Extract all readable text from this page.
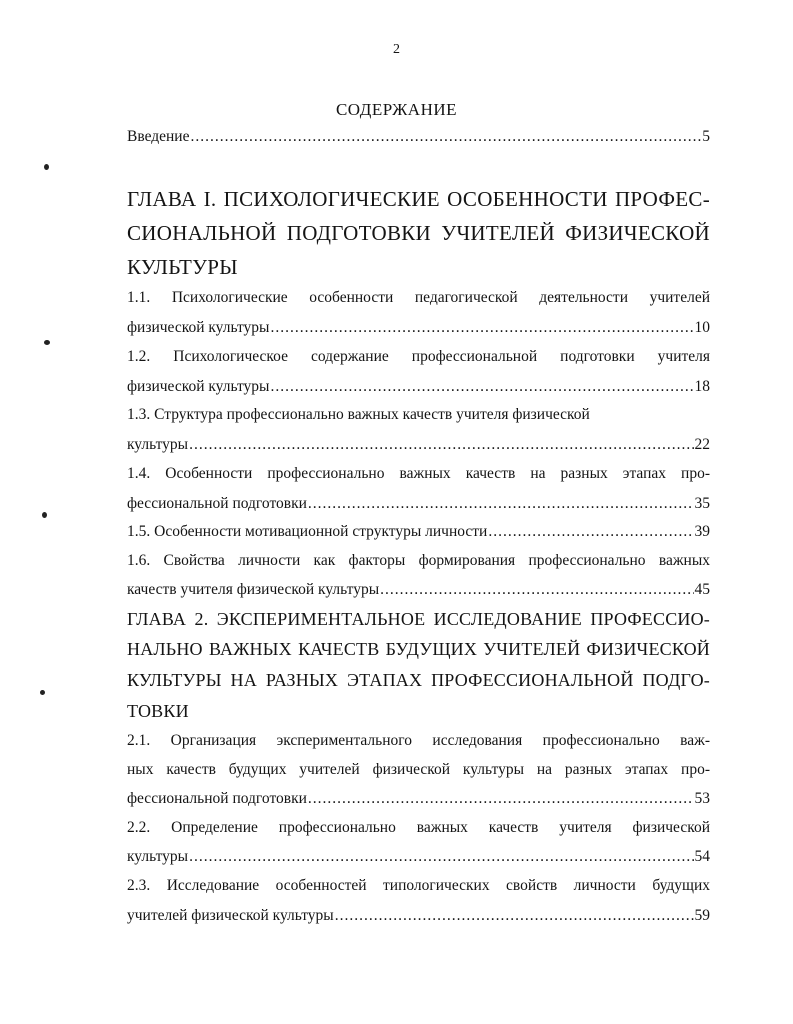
2
СОДЕРЖАНИЕ
Введение .....	5
ГЛАВА I. ПСИХОЛОГИЧЕСКИЕ ОСОБЕННОСТИ ПРОФЕС-
СИОНАЛЬНОЙ ПОДГОТОВКИ УЧИТЕЛЕЙ ФИЗИЧЕСКОЙ
КУЛЬТУРЫ
1.1. Психологические особенности педагогической деятельности учителей
физической культуры .....	10
1.2. Психологическое содержание профессиональной подготовки учителя
физической культуры .....	18
1.3. Структура профессионально важных качеств учителя физической
культуры .....	22
1.4. Особенности профессионально важных качеств на разных этапах про-
фессиональной подготовки .....	35
1.5. Особенности мотивационной структуры личности .....	39
1.6. Свойства личности как факторы формирования профессионально важных
качеств учителя физической культуры .....	45
ГЛАВА 2. ЭКСПЕРИМЕНТАЛЬНОЕ ИССЛЕДОВАНИЕ ПРОФЕССИО-
НАЛЬНО ВАЖНЫХ КАЧЕСТВ БУДУЩИХ УЧИТЕЛЕЙ ФИЗИЧЕСКОЙ
КУЛЬТУРЫ НА РАЗНЫХ ЭТАПАХ ПРОФЕССИОНАЛЬНОЙ ПОДГО-
ТОВКИ
2.1. Организация экспериментального исследования профессионально важ-
ных качеств будущих учителей физической культуры на разных этапах про-
фессиональной подготовки .....	53
2.2. Определение профессионально важных качеств учителя физической
культуры .....	54
2.3. Исследование особенностей типологических свойств личности будущих
учителей физической культуры .....	59
